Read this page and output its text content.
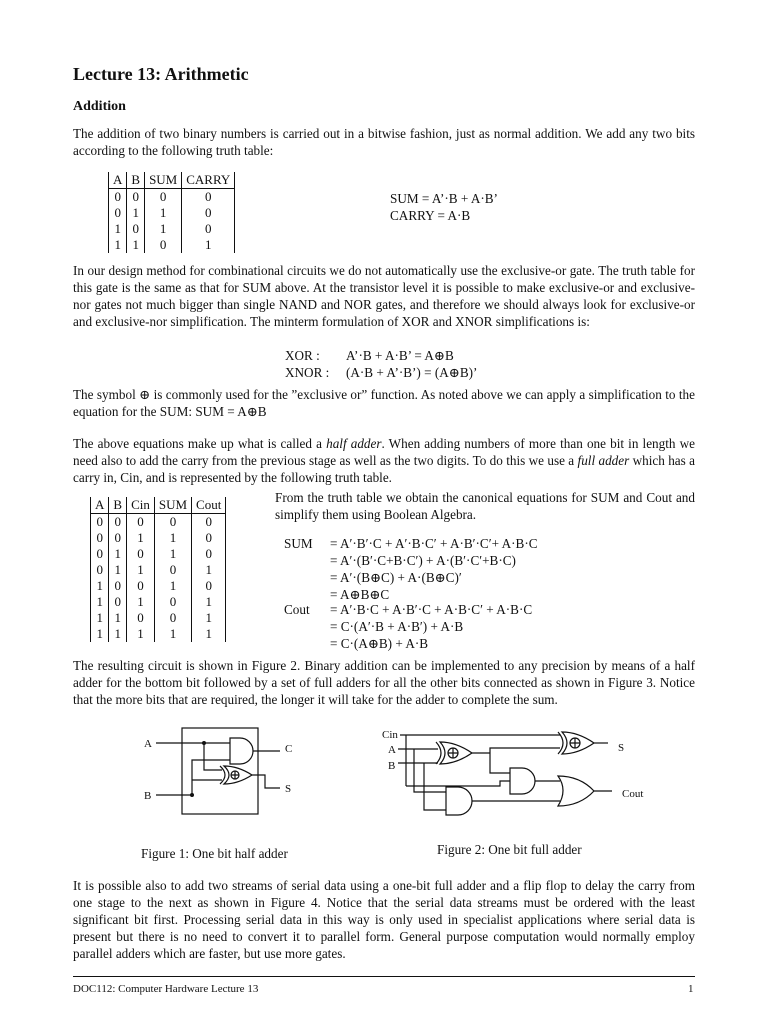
Lecture 13: Arithmetic
Addition
The addition of two binary numbers is carried out in a bitwise fashion, just as normal addition. We add any two bits according to the following truth table:
A	B	SUM	CARRY
0	0	0	0
0	1	1	0
1	0	1	0
1	1	0	1
SUM = A’·B + A·B’
CARRY = A·B
In our design method for combinational circuits we do not automatically use the exclusive-or gate. The truth table for this gate is the same as that for SUM above. At the transistor level it is possible to make exclusive-or and exclusive-nor gates not much bigger than single NAND and NOR gates, and therefore we should always look for exclusive-or and exclusive-nor simplification. The minterm formulation of XOR and XNOR simplifications is:
XOR : A’·B + A·B’ = A⊕B
XNOR : (A·B + A’·B’) = (A⊕B)’
The symbol ⊕ is commonly used for the ”exclusive or” function. As noted above we can apply a simplification to the equation for the SUM: SUM = A⊕B
The above equations make up what is called a half adder. When adding numbers of more than one bit in length we need also to add the carry from the previous stage as well as the two digits. To do this we use a full adder which has a carry in, Cin, and is represented by the following truth table.
A	B	Cin	SUM	Cout
0	0	0	0	0
0	0	1	1	0
0	1	0	1	0
0	1	1	0	1
1	0	0	1	0
1	0	1	0	1
1	1	0	0	1
1	1	1	1	1
From the truth table we obtain the canonical equations for SUM and Cout and simplify them using Boolean Algebra.
SUM = A′·B′·C + A′·B·C′ + A·B′·C′+ A·B·C
= A′·(B′·C+B·C′) + A·(B′·C′+B·C)
= A′·(B⊕C) + A·(B⊕C)′
= A⊕B⊕C
Cout = A′·B·C + A·B′·C + A·B·C′ + A·B·C
= C·(A′·B + A·B′) + A·B
= C·(A⊕B) + A·B
The resulting circuit is shown in Figure 2. Binary addition can be implemented to any precision by means of a half adder for the bottom bit followed by a set of full adders for all the other bits connected as shown in Figure 3. Notice that the more bits that are required, the longer it will take for the adder to complete the sum.
A
B
C
S
Figure 1: One bit half adder
Cin
A
B
S
Cout
Figure 2: One bit full adder
It is possible also to add two streams of serial data using a one-bit full adder and a flip flop to delay the carry from one stage to the next as shown in Figure 4. Notice that the serial data streams must be ordered with the least significant bit first. Processing serial data in this way is only used in specialist applications where serial data is present but there is no need to convert it to parallel form. General purpose computation would normally employ parallel adders which are faster, but use more gates.
DOC112: Computer Hardware Lecture 13	1
